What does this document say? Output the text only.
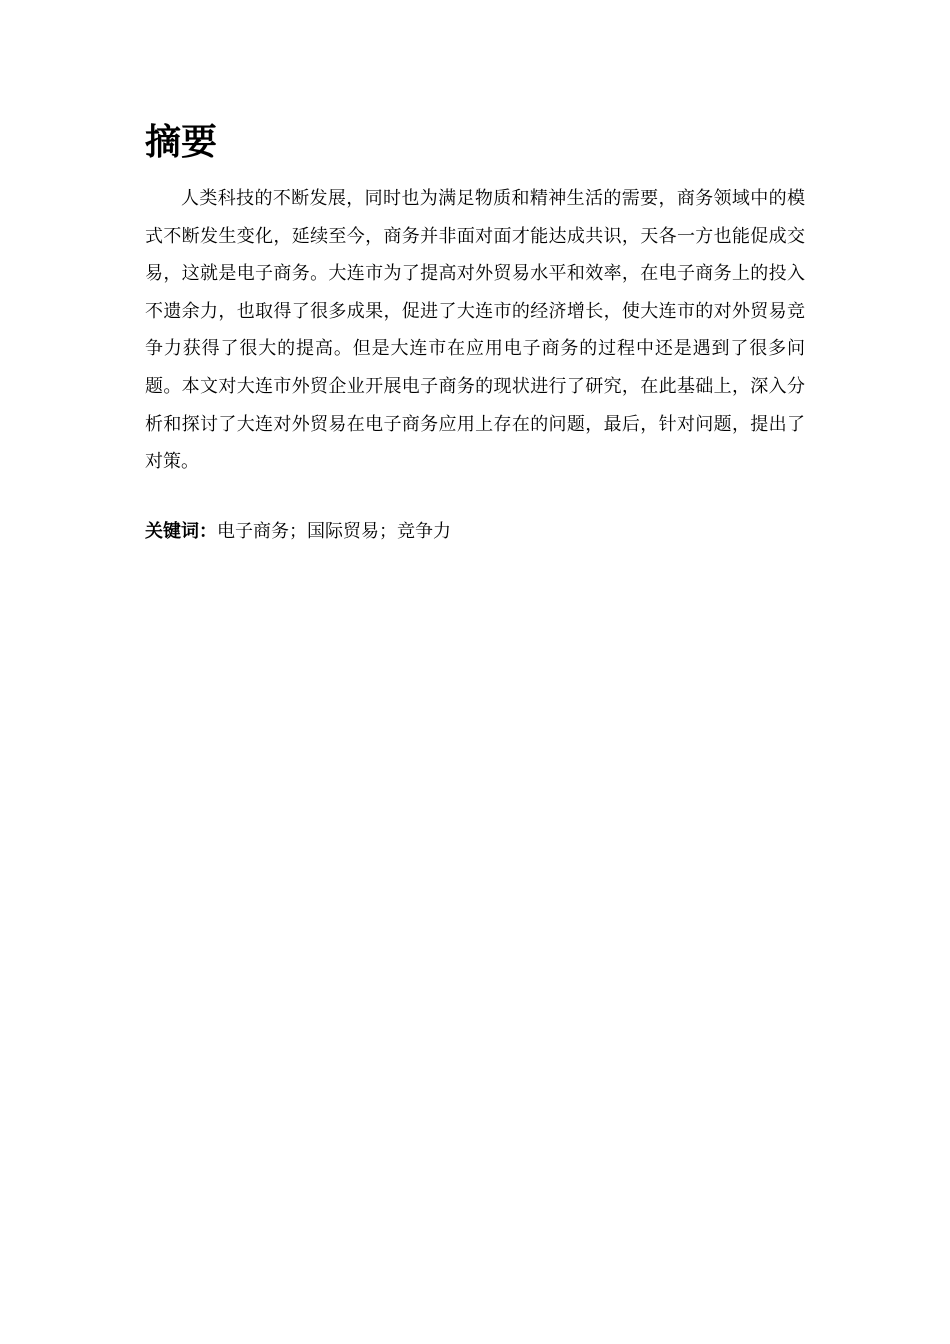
摘要

人类科技的不断发展，同时也为满足物质和精神生活的需要，商务领域中的模式不断发生变化，延续至今，商务并非面对面才能达成共识，天各一方也能促成交易，这就是电子商务。大连市为了提高对外贸易水平和效率，在电子商务上的投入不遗余力，也取得了很多成果，促进了大连市的经济增长，使大连市的对外贸易竞争力获得了很大的提高。但是大连市在应用电子商务的过程中还是遇到了很多问题。本文对大连市外贸企业开展电子商务的现状进行了研究，在此基础上，深入分析和探讨了大连对外贸易在电子商务应用上存在的问题，最后，针对问题，提出了对策。

关键词：电子商务；国际贸易；竞争力
